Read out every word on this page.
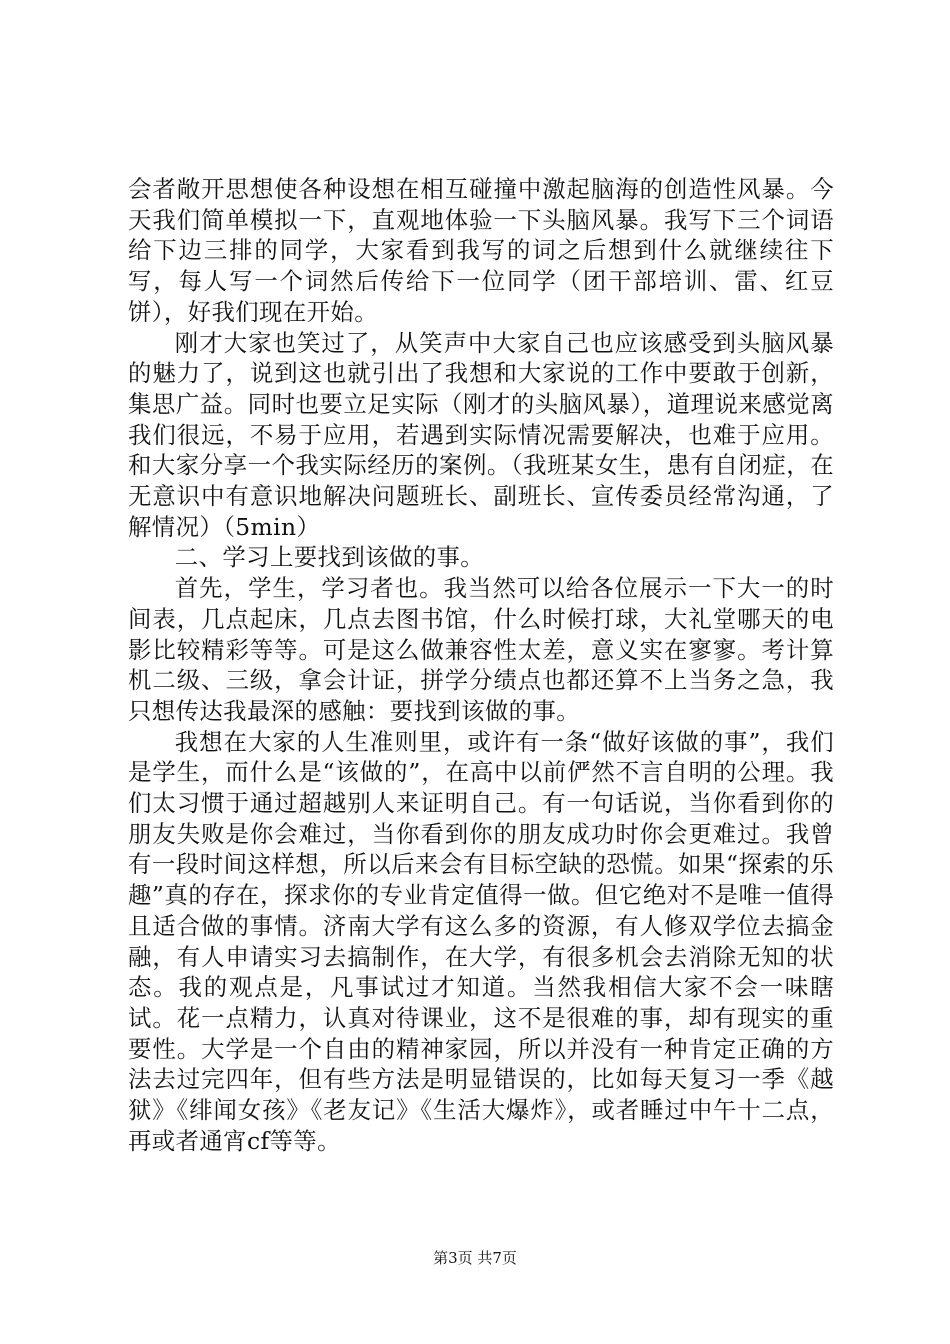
会者敞开思想使各种设想在相互碰撞中激起脑海的创造性风暴。今天我们简单模拟一下，直观地体验一下头脑风暴。我写下三个词语给下边三排的同学，大家看到我写的词之后想到什么就继续往下写，每人写一个词然后传给下一位同学（团干部培训、雷、红豆饼），好我们现在开始。

刚才大家也笑过了，从笑声中大家自己也应该感受到头脑风暴的魅力了，说到这也就引出了我想和大家说的工作中要敢于创新，集思广益。同时也要立足实际（刚才的头脑风暴），道理说来感觉离我们很远，不易于应用，若遇到实际情况需要解决，也难于应用。和大家分享一个我实际经历的案例。（我班某女生，患有自闭症，在无意识中有意识地解决问题班长、副班长、宣传委员经常沟通，了解情况）（5min）

二、学习上要找到该做的事。

首先，学生，学习者也。我当然可以给各位展示一下大一的时间表，几点起床，几点去图书馆，什么时候打球，大礼堂哪天的电影比较精彩等等。可是这么做兼容性太差，意义实在寥寥。考计算机二级、三级，拿会计证，拼学分绩点也都还算不上当务之急，我只想传达我最深的感触：要找到该做的事。

我想在大家的人生准则里，或许有一条“做好该做的事”，我们是学生，而什么是“该做的”，在高中以前俨然不言自明的公理。我们太习惯于通过超越别人来证明自己。有一句话说，当你看到你的朋友失败是你会难过，当你看到你的朋友成功时你会更难过。我曾有一段时间这样想，所以后来会有目标空缺的恐慌。如果“探索的乐趣”真的存在，探求你的专业肯定值得一做。但它绝对不是唯一值得且适合做的事情。济南大学有这么多的资源，有人修双学位去搞金融，有人申请实习去搞制作，在大学，有很多机会去消除无知的状态。我的观点是，凡事试过才知道。当然我相信大家不会一味瞎试。花一点精力，认真对待课业，这不是很难的事，却有现实的重要性。大学是一个自由的精神家园，所以并没有一种肯定正确的方法去过完四年，但有些方法是明显错误的，比如每天复习一季《越狱》《绯闻女孩》《老友记》《生活大爆炸》，或者睡过中午十二点，再或者通宵cf等等。

第3页 共7页
